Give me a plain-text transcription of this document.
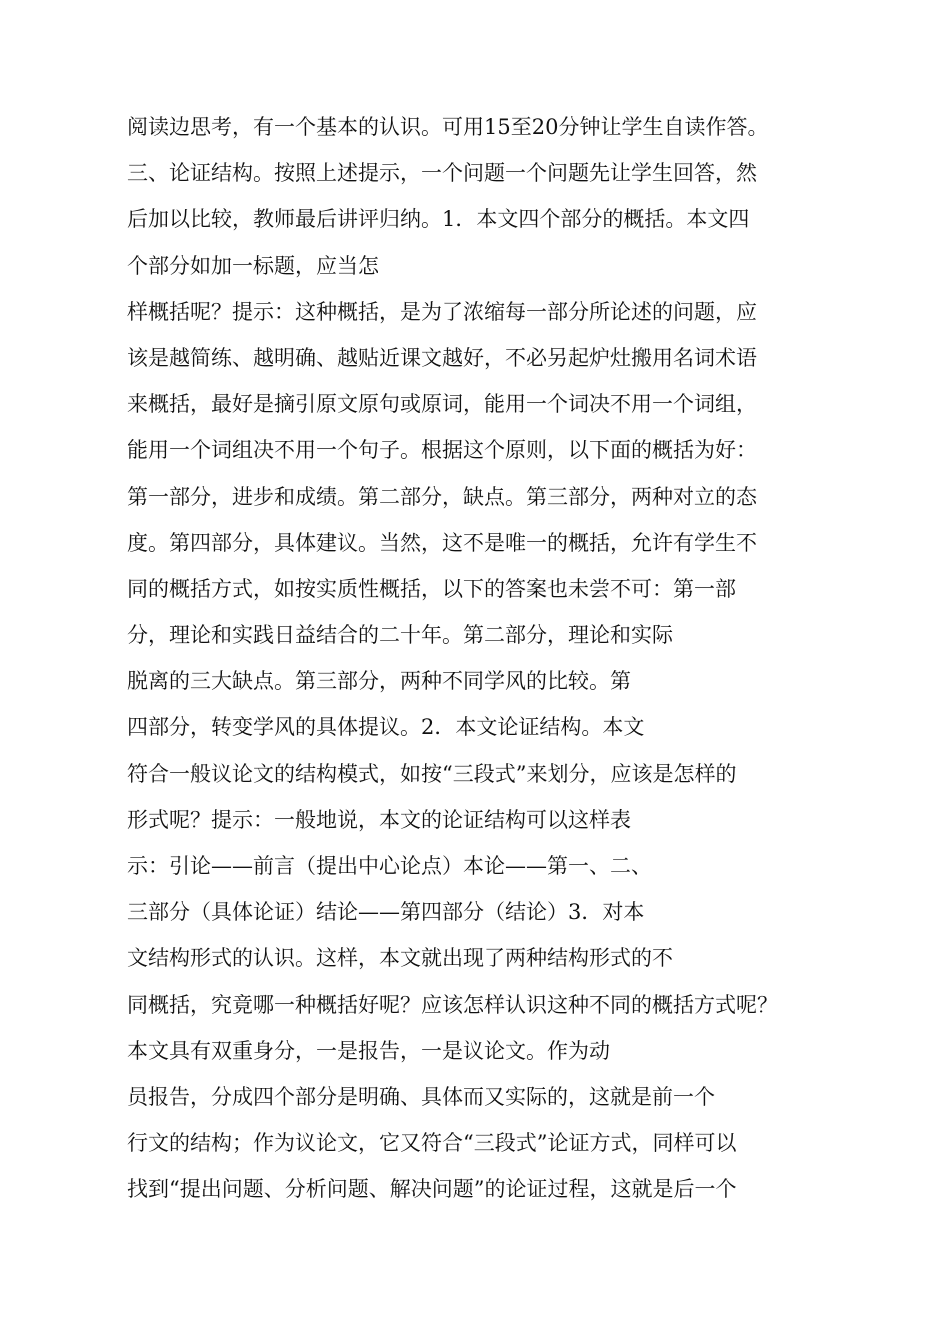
阅读边思考，有一个基本的认识。可用15至20分钟让学生自读作答。
三、论证结构。按照上述提示，一个问题一个问题先让学生回答，然
后加以比较，教师最后讲评归纳。1．本文四个部分的概括。本文四
个部分如加一标题，应当怎
样概括呢？提示：这种概括，是为了浓缩每一部分所论述的问题，应
该是越简练、越明确、越贴近课文越好，不必另起炉灶搬用名词术语
来概括，最好是摘引原文原句或原词，能用一个词决不用一个词组，
能用一个词组决不用一个句子。根据这个原则，以下面的概括为好：
第一部分，进步和成绩。第二部分，缺点。第三部分，两种对立的态
度。第四部分，具体建议。当然，这不是唯一的概括，允许有学生不
同的概括方式，如按实质性概括，以下的答案也未尝不可：第一部
分，理论和实践日益结合的二十年。第二部分，理论和实际
脱离的三大缺点。第三部分，两种不同学风的比较。第
四部分，转变学风的具体提议。2．本文论证结构。本文
符合一般议论文的结构模式，如按“三段式”来划分，应该是怎样的
形式呢？提示：一般地说，本文的论证结构可以这样表
示：引论——前言（提出中心论点）本论——第一、二、
三部分（具体论证）结论——第四部分（结论）3．对本
文结构形式的认识。这样，本文就出现了两种结构形式的不
同概括，究竟哪一种概括好呢？应该怎样认识这种不同的概括方式呢？
本文具有双重身分，一是报告，一是议论文。作为动
员报告，分成四个部分是明确、具体而又实际的，这就是前一个
行文的结构；作为议论文，它又符合“三段式”论证方式，同样可以
找到“提出问题、分析问题、解决问题”的论证过程，这就是后一个
